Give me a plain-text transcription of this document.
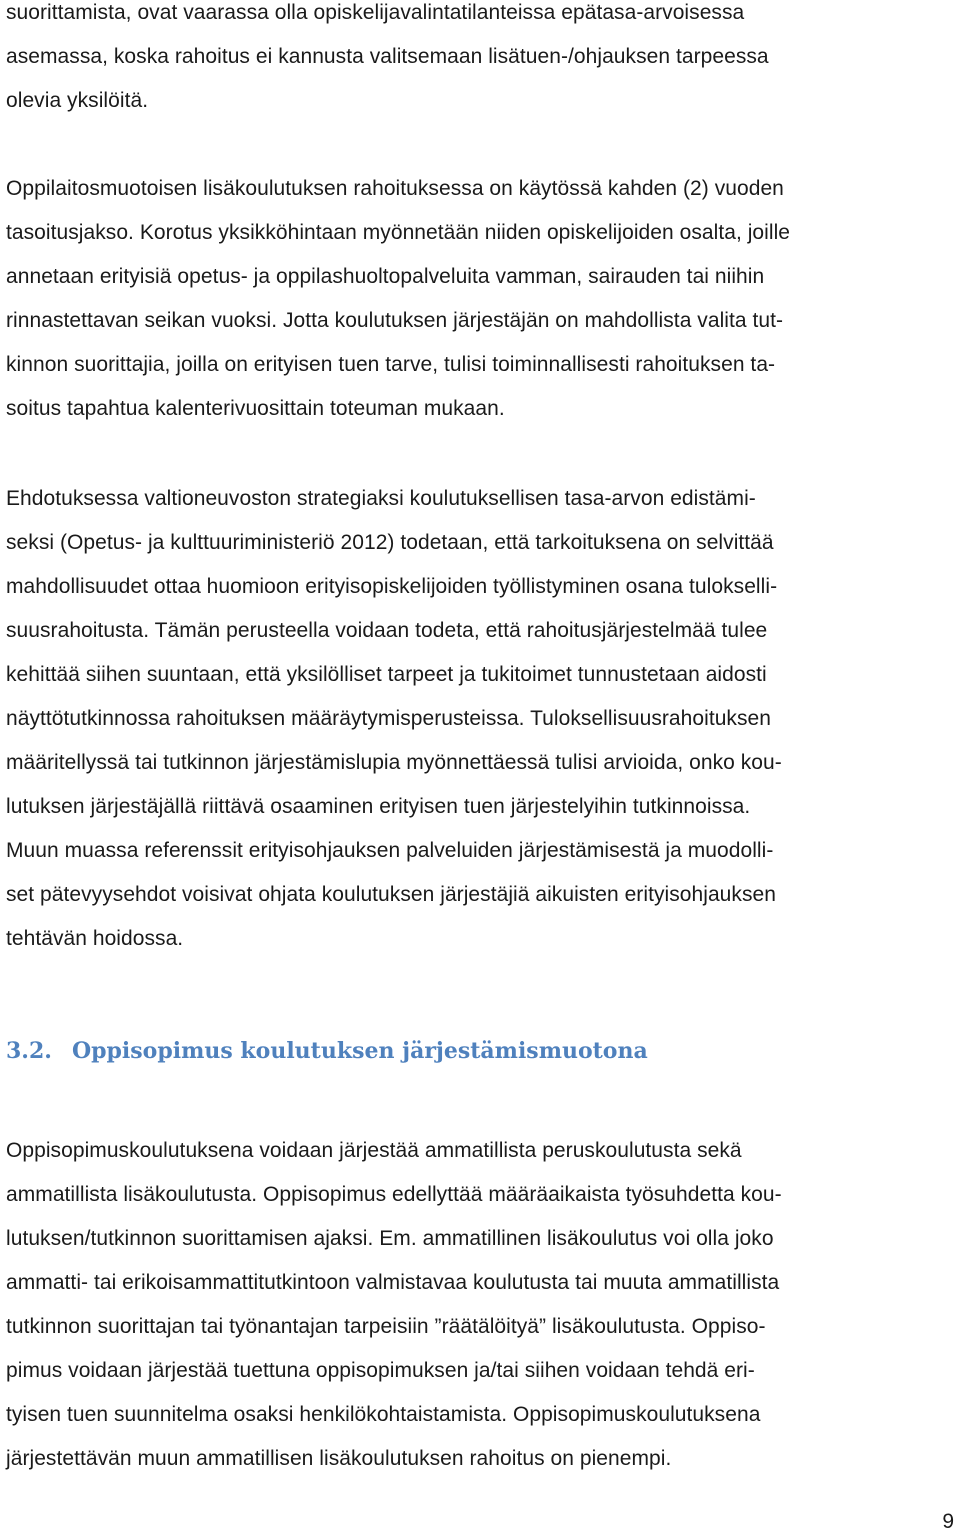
suorittamista, ovat vaarassa olla opiskelijavalintatilanteissa epätasa-arvoisessa
asemassa, koska rahoitus ei kannusta valitsemaan lisätuen-/ohjauksen tarpeessa
olevia yksilöitä.
Oppilaitosmuotoisen lisäkoulutuksen rahoituksessa on käytössä kahden (2) vuoden
tasoitusjakso. Korotus yksikköhintaan myönnetään niiden opiskelijoiden osalta, joille
annetaan erityisiä opetus- ja oppilashuoltopalveluita vamman, sairauden tai niihin
rinnastettavan seikan vuoksi. Jotta koulutuksen järjestäjän on mahdollista valita tut-
kinnon suorittajia, joilla on erityisen tuen tarve, tulisi toiminnallisesti rahoituksen ta-
soitus tapahtua kalenterivuosittain toteuman mukaan.
Ehdotuksessa valtioneuvoston strategiaksi koulutuksellisen tasa-arvon edistämi-
seksi (Opetus- ja kulttuuriministeriö 2012) todetaan, että tarkoituksena on selvittää
mahdollisuudet ottaa huomioon erityisopiskelijoiden työllistyminen osana tulokselli-
suusrahoitusta. Tämän perusteella voidaan todeta, että rahoitusjärjestelmää tulee
kehittää siihen suuntaan, että yksilölliset tarpeet ja tukitoimet tunnustetaan aidosti
näyttötutkinnossa rahoituksen määräytymisperusteissa. Tuloksellisuusrahoituksen
määritellyssä tai tutkinnon järjestämislupia myönnettäessä tulisi arvioida, onko kou-
lutuksen järjestäjällä riittävä osaaminen erityisen tuen järjestelyihin tutkinnoissa.
Muun muassa referenssit erityisohjauksen palveluiden järjestämisestä ja muodolli-
set pätevyysehdot voisivat ohjata koulutuksen järjestäjiä aikuisten erityisohjauksen
tehtävän hoidossa.
3.2. Oppisopimus koulutuksen järjestämismuotona
Oppisopimuskoulutuksena voidaan järjestää ammatillista peruskoulutusta sekä
ammatillista lisäkoulutusta. Oppisopimus edellyttää määräaikaista työsuhdetta kou-
lutuksen/tutkinnon suorittamisen ajaksi. Em. ammatillinen lisäkoulutus voi olla joko
ammatti- tai erikoisammattitutkintoon valmistavaa koulutusta tai muuta ammatillista
tutkinnon suorittajan tai työnantajan tarpeisiin ”räätälöityä” lisäkoulutusta. Oppiso-
pimus voidaan järjestää tuettuna oppisopimuksen ja/tai siihen voidaan tehdä eri-
tyisen tuen suunnitelma osaksi henkilökohtaistamista. Oppisopimuskoulutuksena
järjestettävän muun ammatillisen lisäkoulutuksen rahoitus on pienempi.
9
